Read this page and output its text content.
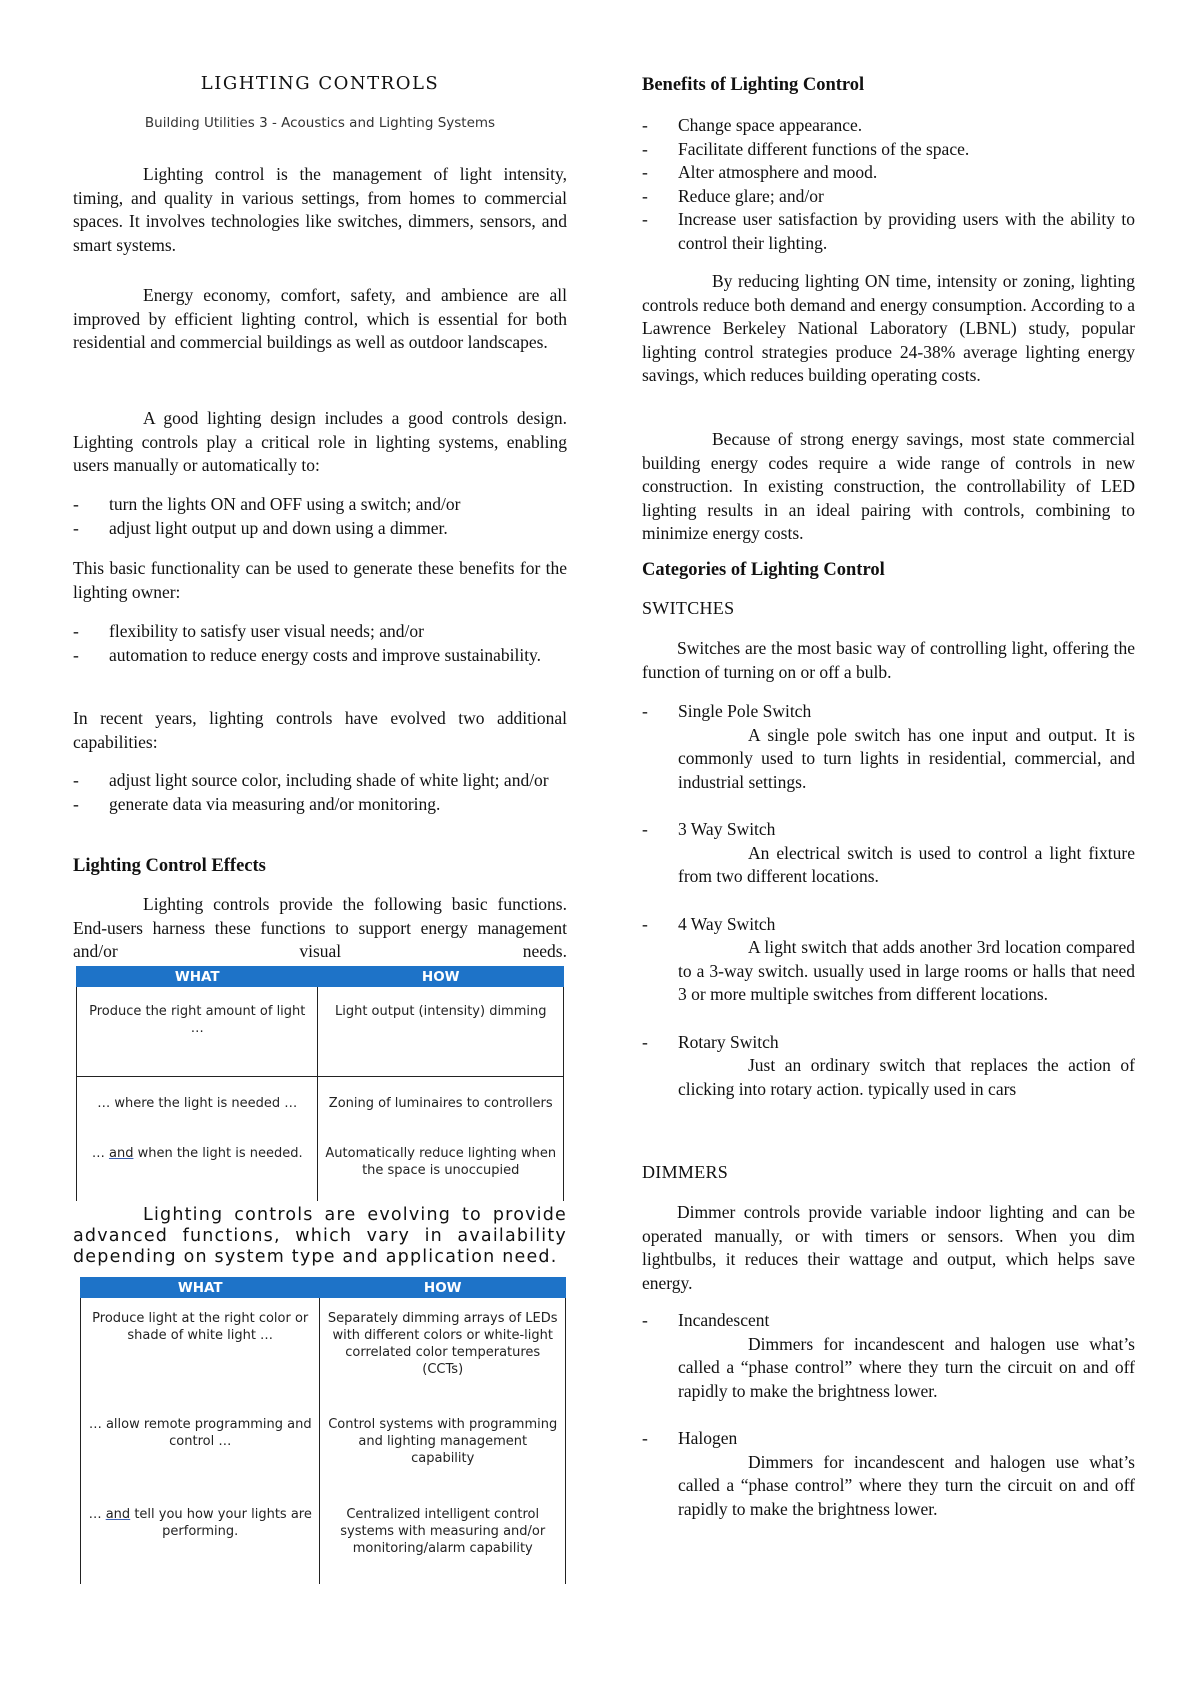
LIGHTING CONTROLS
Building Utilities 3 - Acoustics and Lighting Systems

Lighting control is the management of light intensity, timing, and quality in various settings, from homes to commercial spaces. It involves technologies like switches, dimmers, sensors, and smart systems.

Energy economy, comfort, safety, and ambience are all improved by efficient lighting control, which is essential for both residential and commercial buildings as well as outdoor landscapes.

A good lighting design includes a good controls design. Lighting controls play a critical role in lighting systems, enabling users manually or automatically to:

- turn the lights ON and OFF using a switch; and/or
- adjust light output up and down using a dimmer.

This basic functionality can be used to generate these benefits for the lighting owner:

- flexibility to satisfy user visual needs; and/or
- automation to reduce energy costs and improve sustainability.

In recent years, lighting controls have evolved two additional capabilities:

- adjust light source color, including shade of white light; and/or
- generate data via measuring and/or monitoring.
Lighting Control Effects

Lighting controls provide the following basic functions. End-users harness these functions to support energy management and/or visual needs.

WHAT	HOW
Produce the right amount of light …	Light output (intensity) dimming
… where the light is needed …	Zoning of luminaires to controllers
… and when the light is needed.	Automatically reduce lighting when the space is unoccupied

Lighting controls are evolving to provide advanced functions, which vary in availability depending on system type and application need.

WHAT	HOW
Produce light at the right color or shade of white light …	Separately dimming arrays of LEDs with different colors or white-light correlated color temperatures (CCTs)
… allow remote programming and control …	Control systems with programming and lighting management capability
… and tell you how your lights are performing.	Centralized intelligent control systems with measuring and/or monitoring/alarm capability
Benefits of Lighting Control
- Change space appearance.
- Facilitate different functions of the space.
- Alter atmosphere and mood.
- Reduce glare; and/or
- Increase user satisfaction by providing users with the ability to control their lighting.

By reducing lighting ON time, intensity or zoning, lighting controls reduce both demand and energy consumption. According to a Lawrence Berkeley National Laboratory (LBNL) study, popular lighting control strategies produce 24-38% average lighting energy savings, which reduces building operating costs.

Because of strong energy savings, most state commercial building energy codes require a wide range of controls in new construction. In existing construction, the controllability of LED lighting results in an ideal pairing with controls, combining to minimize energy costs.

Categories of Lighting Control
SWITCHES

Switches are the most basic way of controlling light, offering the function of turning on or off a bulb.

- Single Pole Switch
A single pole switch has one input and output. It is commonly used to turn lights in residential, commercial, and industrial settings.
- 3 Way Switch
An electrical switch is used to control a light fixture from two different locations.
- 4 Way Switch
A light switch that adds another 3rd location compared to a 3-way switch. usually used in large rooms or halls that need 3 or more multiple switches from different locations.
- Rotary Switch
Just an ordinary switch that replaces the action of clicking into rotary action. typically used in cars
DIMMERS

Dimmer controls provide variable indoor lighting and can be operated manually, or with timers or sensors. When you dim lightbulbs, it reduces their wattage and output, which helps save energy.

- Incandescent
Dimmers for incandescent and halogen use what’s called a “phase control” where they turn the circuit on and off rapidly to make the brightness lower.
- Halogen
Dimmers for incandescent and halogen use what’s called a “phase control” where they turn the circuit on and off rapidly to make the brightness lower.
